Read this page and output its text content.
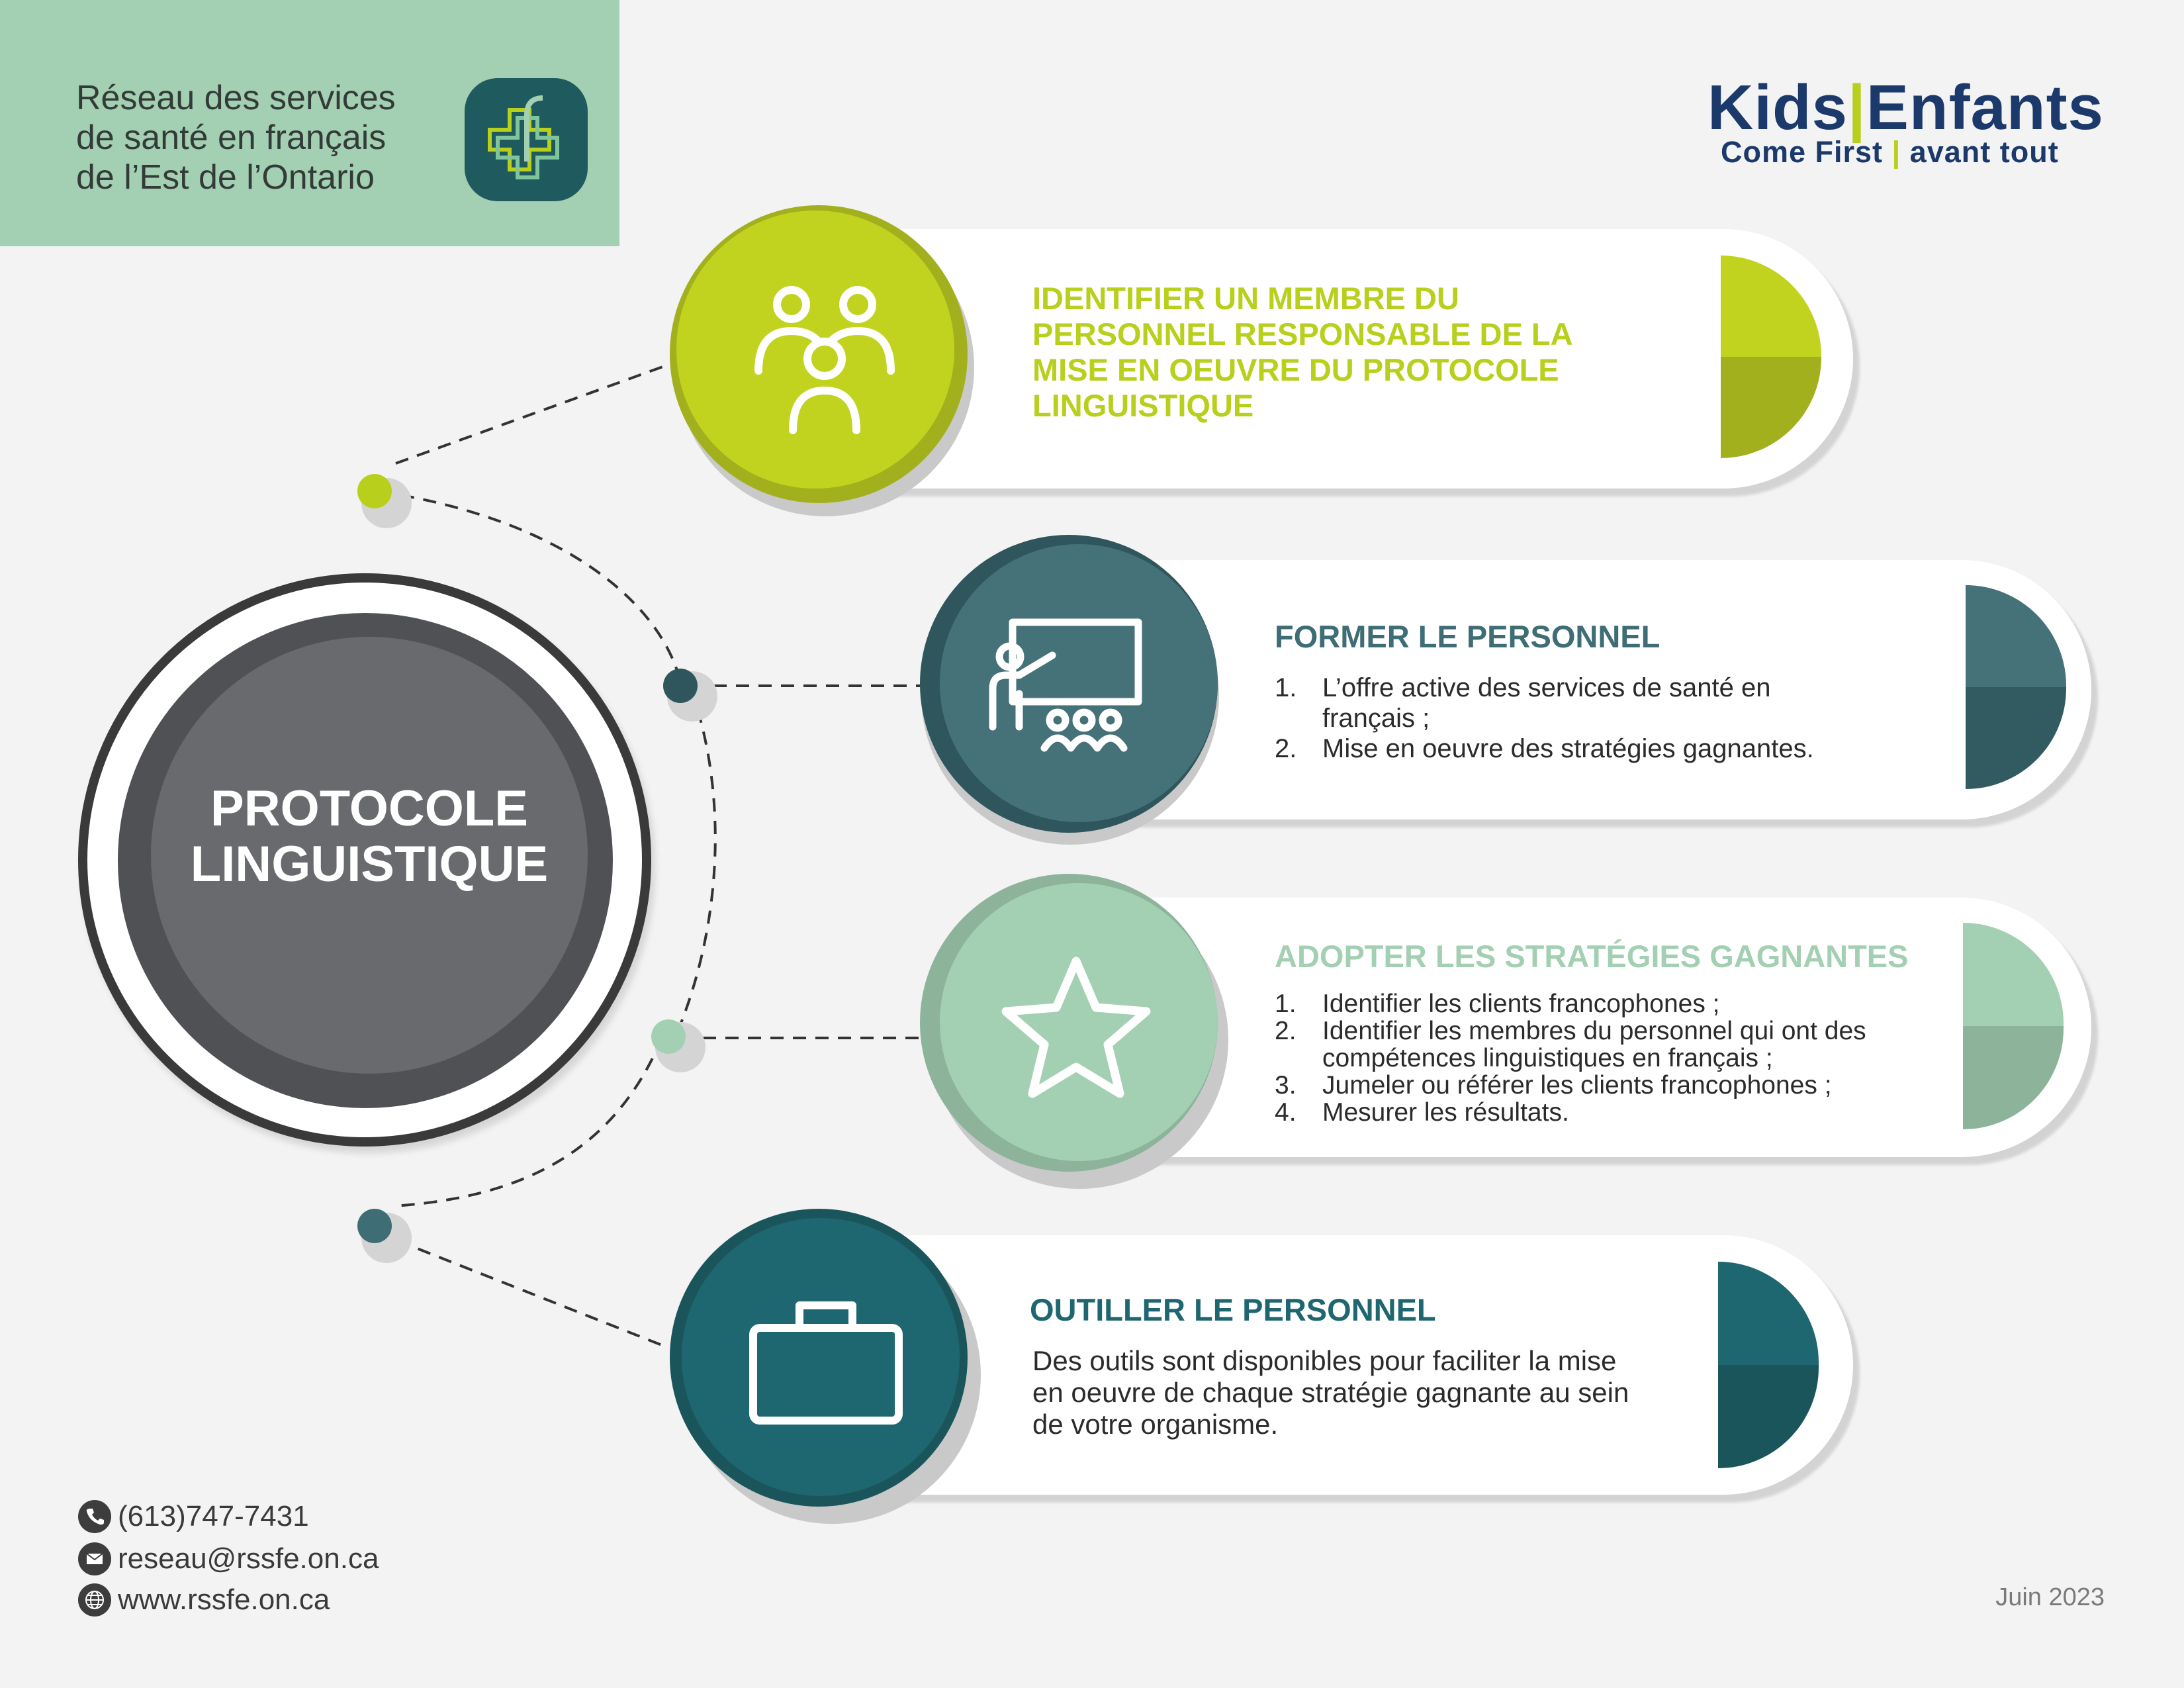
Réseau des services
de santé en français
de l’Est de l’Ontario
Kids|Enfants
Come First | avant tout
PROTOCOLE
LINGUISTIQUE
IDENTIFIER UN MEMBRE DU
PERSONNEL RESPONSABLE DE LA
MISE EN OEUVRE DU PROTOCOLE
LINGUISTIQUE
FORMER LE PERSONNEL
1. L’offre active des services de santé en
français ;
2. Mise en oeuvre des stratégies gagnantes.
ADOPTER LES STRATÉGIES GAGNANTES
1. Identifier les clients francophones ;
2. Identifier les membres du personnel qui ont des
compétences linguistiques en français ;
3. Jumeler ou référer les clients francophones ;
4. Mesurer les résultats.
OUTILLER LE PERSONNEL
Des outils sont disponibles pour faciliter la mise
en oeuvre de chaque stratégie gagnante au sein
de votre organisme.
(613)747-7431
reseau@rssfe.on.ca
www.rssfe.on.ca	Juin 2023
